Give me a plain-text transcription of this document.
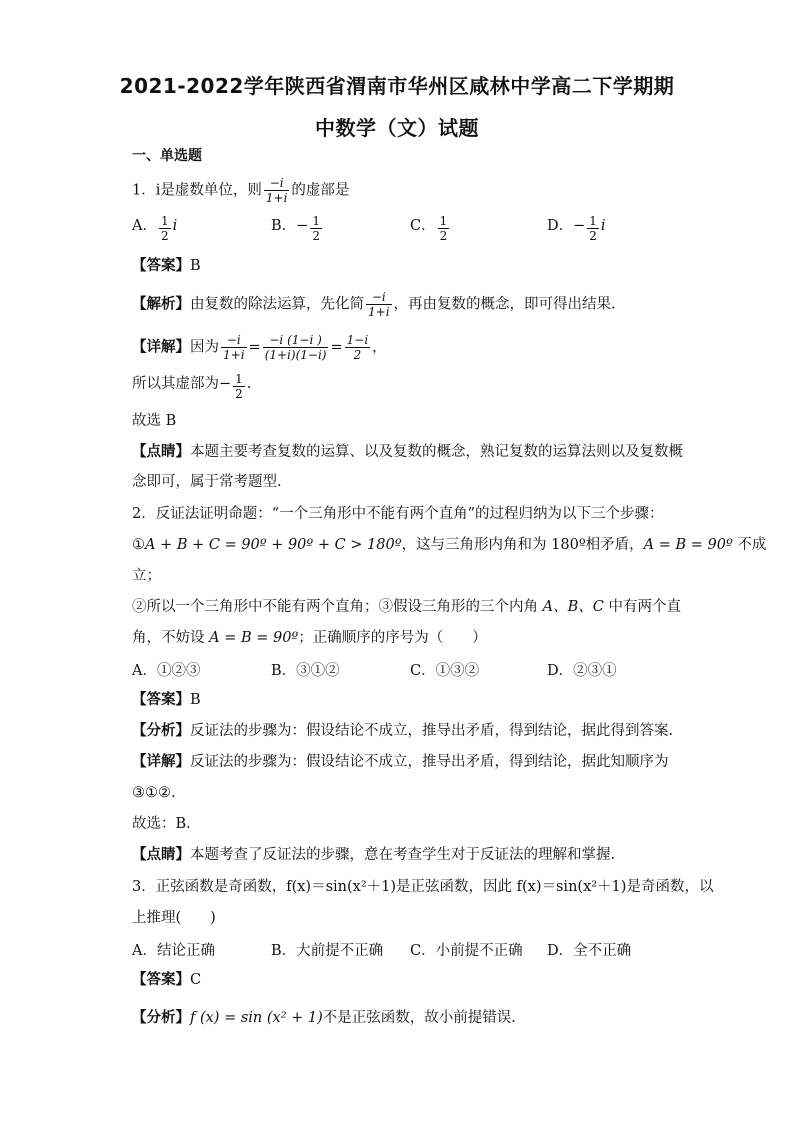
2021-2022学年陕西省渭南市华州区咸林中学高二下学期期
中数学（文）试题
一、单选题
1．i是虚数单位，则 $\frac{-i}{1+i}$ 的虚部是
A． $\frac{1}{2}$ i	B．− $\frac{1}{2}$	C． $\frac{1}{2}$	D．− $\frac{1}{2}$ i
【答案】B
【解析】由复数的除法运算，先化简 $\frac{-i}{1+i}$ ，再由复数的概念，即可得出结果.
【详解】因为 $\frac{-i}{1+i} = \frac{-i (1-i )}{(1+i)(1-i)} = \frac{1-i}{2}$ ，
所以其虚部为− $\frac{1}{2}$ .
故选 B
【点睛】本题主要考查复数的运算、以及复数的概念，熟记复数的运算法则以及复数概
念即可，属于常考题型.
2．反证法证明命题：“一个三角形中不能有两个直角”的过程归纳为以下三个步骤：
①A + B + C = 90º + 90º + C > 180º，这与三角形内角和为 180º相矛盾，A = B = 90º 不成
立；
②所以一个三角形中不能有两个直角；③假设三角形的三个内角 A、B、C 中有两个直
角，不妨设 A = B = 90º；正确顺序的序号为（　　）
A．①②③	B．③①②	C．①③②	D．②③①
【答案】B
【分析】反证法的步骤为：假设结论不成立，推导出矛盾，得到结论，据此得到答案.
【详解】反证法的步骤为：假设结论不成立，推导出矛盾，得到结论，据此知顺序为
③①②.
故选：B.
【点睛】本题考查了反证法的步骤，意在考查学生对于反证法的理解和掌握.
3．正弦函数是奇函数，f(x)＝sin(x²＋1)是正弦函数，因此 f(x)＝sin(x²＋1)是奇函数，以
上推理(　　)
A．结论正确	B．大前提不正确 C．小前提不正确 D．全不正确
【答案】C
【分析】f (x) = sin (x² + 1)不是正弦函数，故小前提错误.
